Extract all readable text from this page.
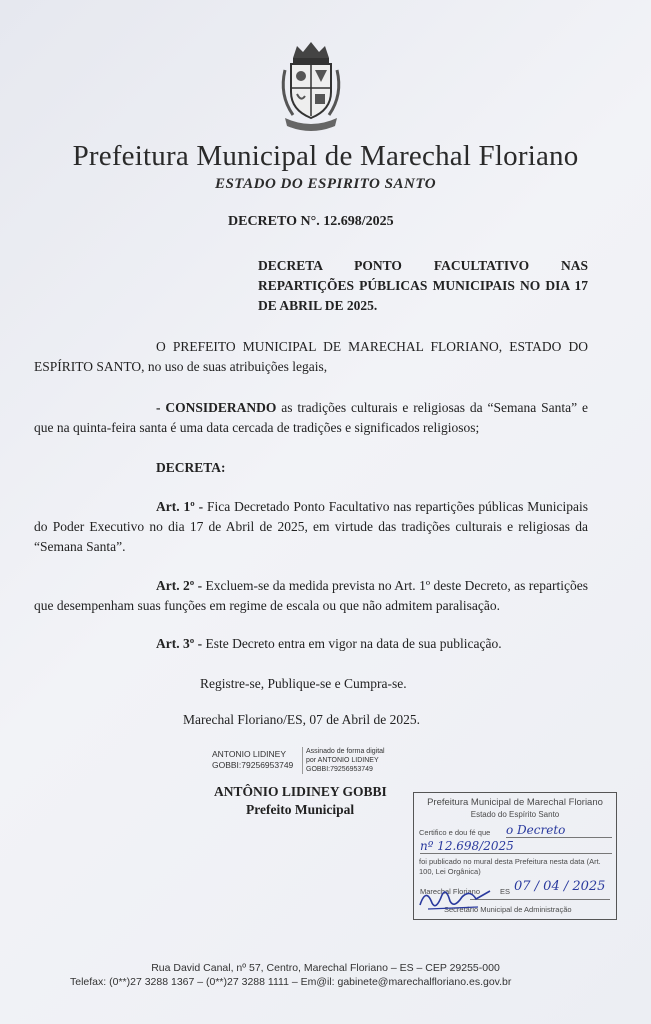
Prefeitura Municipal de Marechal Floriano
ESTADO DO ESPIRITO SANTO
DECRETO N°. 12.698/2025
DECRETA PONTO FACULTATIVO NAS REPARTIÇÕES PÚBLICAS MUNICIPAIS NO DIA 17 DE ABRIL DE 2025.
O PREFEITO MUNICIPAL DE MARECHAL FLORIANO, ESTADO DO ESPÍRITO SANTO, no uso de suas atribuições legais,
- CONSIDERANDO as tradições culturais e religiosas da “Semana Santa” e que na quinta-feira santa é uma data cercada de tradições e significados religiosos;
DECRETA:
Art. 1º - Fica Decretado Ponto Facultativo nas repartições públicas Municipais do Poder Executivo no dia 17 de Abril de 2025, em virtude das tradições culturais e religiosas da “Semana Santa”.
Art. 2º - Excluem-se da medida prevista no Art. 1º deste Decreto, as repartições que desempenham suas funções em regime de escala ou que não admitem paralisação.
Art. 3º - Este Decreto entra em vigor na data de sua publicação.
Registre-se, Publique-se e Cumpra-se.
Marechal Floriano/ES, 07 de Abril de 2025.
ANTONIO LIDINEY
GOBBI:79256953749
Assinado de forma digital
por ANTONIO LIDINEY
GOBBI:79256953749
ANTÔNIO LIDINEY GOBBI
Prefeito Municipal	Prefeitura Municipal de Marechal Floriano
Estado do Espírito Santo
Certifico e dou fé que o Decreto
nº 12.698/2025
foi publicado no mural desta Prefeitura nesta data (Art. 100, Lei Orgânica)
Marechal Floriano	ES 07 / 04 / 2025
Secretário Municipal de Administração
Rua David Canal, nº 57, Centro, Marechal Floriano – ES – CEP 29255-000
Telefax: (0**)27 3288 1367 – (0**)27 3288 1111 – Em@il: gabinete@marechalfloriano.es.gov.br
